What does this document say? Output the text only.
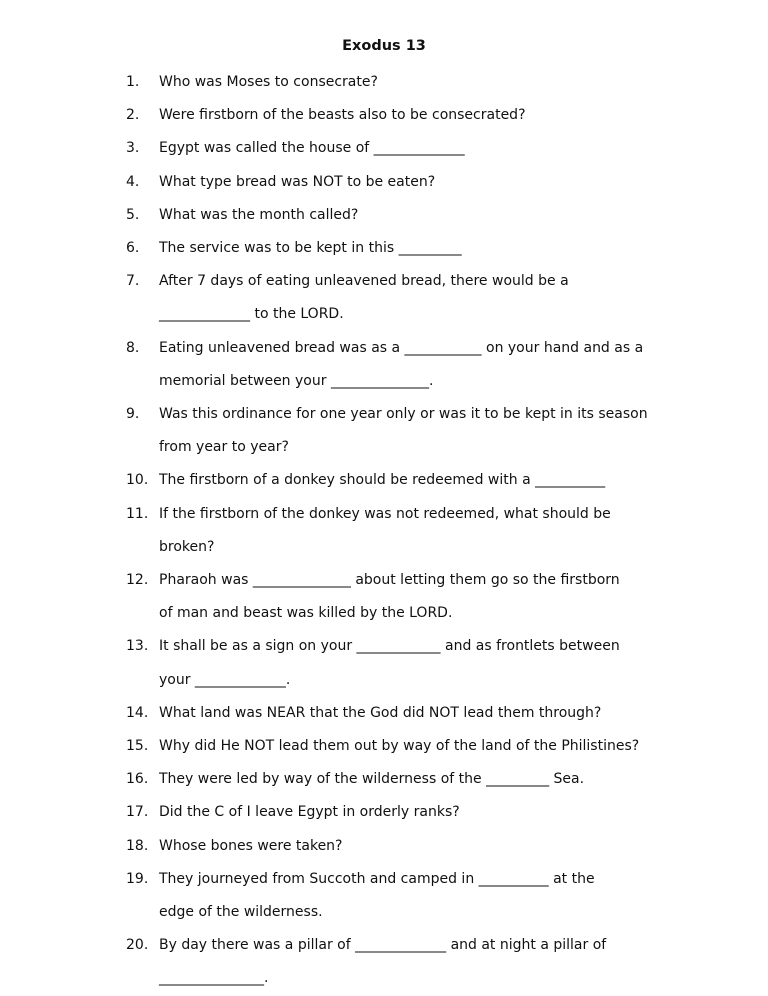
Exodus 13
1. Who was Moses to consecrate?
2. Were firstborn of the beasts also to be consecrated?
3. Egypt was called the house of _____________
4. What type bread was NOT to be eaten?
5. What was the month called?
6. The service was to be kept in this _________
7. After 7 days of eating unleavened bread, there would be a
_____________ to the LORD.
8. Eating unleavened bread was as a ___________ on your hand and as a
memorial between your ______________.
9. Was this ordinance for one year only or was it to be kept in its season
from year to year?
10. The firstborn of a donkey should be redeemed with a __________
11. If the firstborn of the donkey was not redeemed, what should be
broken?
12. Pharaoh was ______________ about letting them go so the firstborn
of man and beast was killed by the LORD.
13. It shall be as a sign on your ____________ and as frontlets between
your _____________.
14. What land was NEAR that the God did NOT lead them through?
15. Why did He NOT lead them out by way of the land of the Philistines?
16. They were led by way of the wilderness of the _________ Sea.
17. Did the C of I leave Egypt in orderly ranks?
18. Whose bones were taken?
19. They journeyed from Succoth and camped in __________ at the
edge of the wilderness.
20. By day there was a pillar of _____________ and at night a pillar of
_______________.
